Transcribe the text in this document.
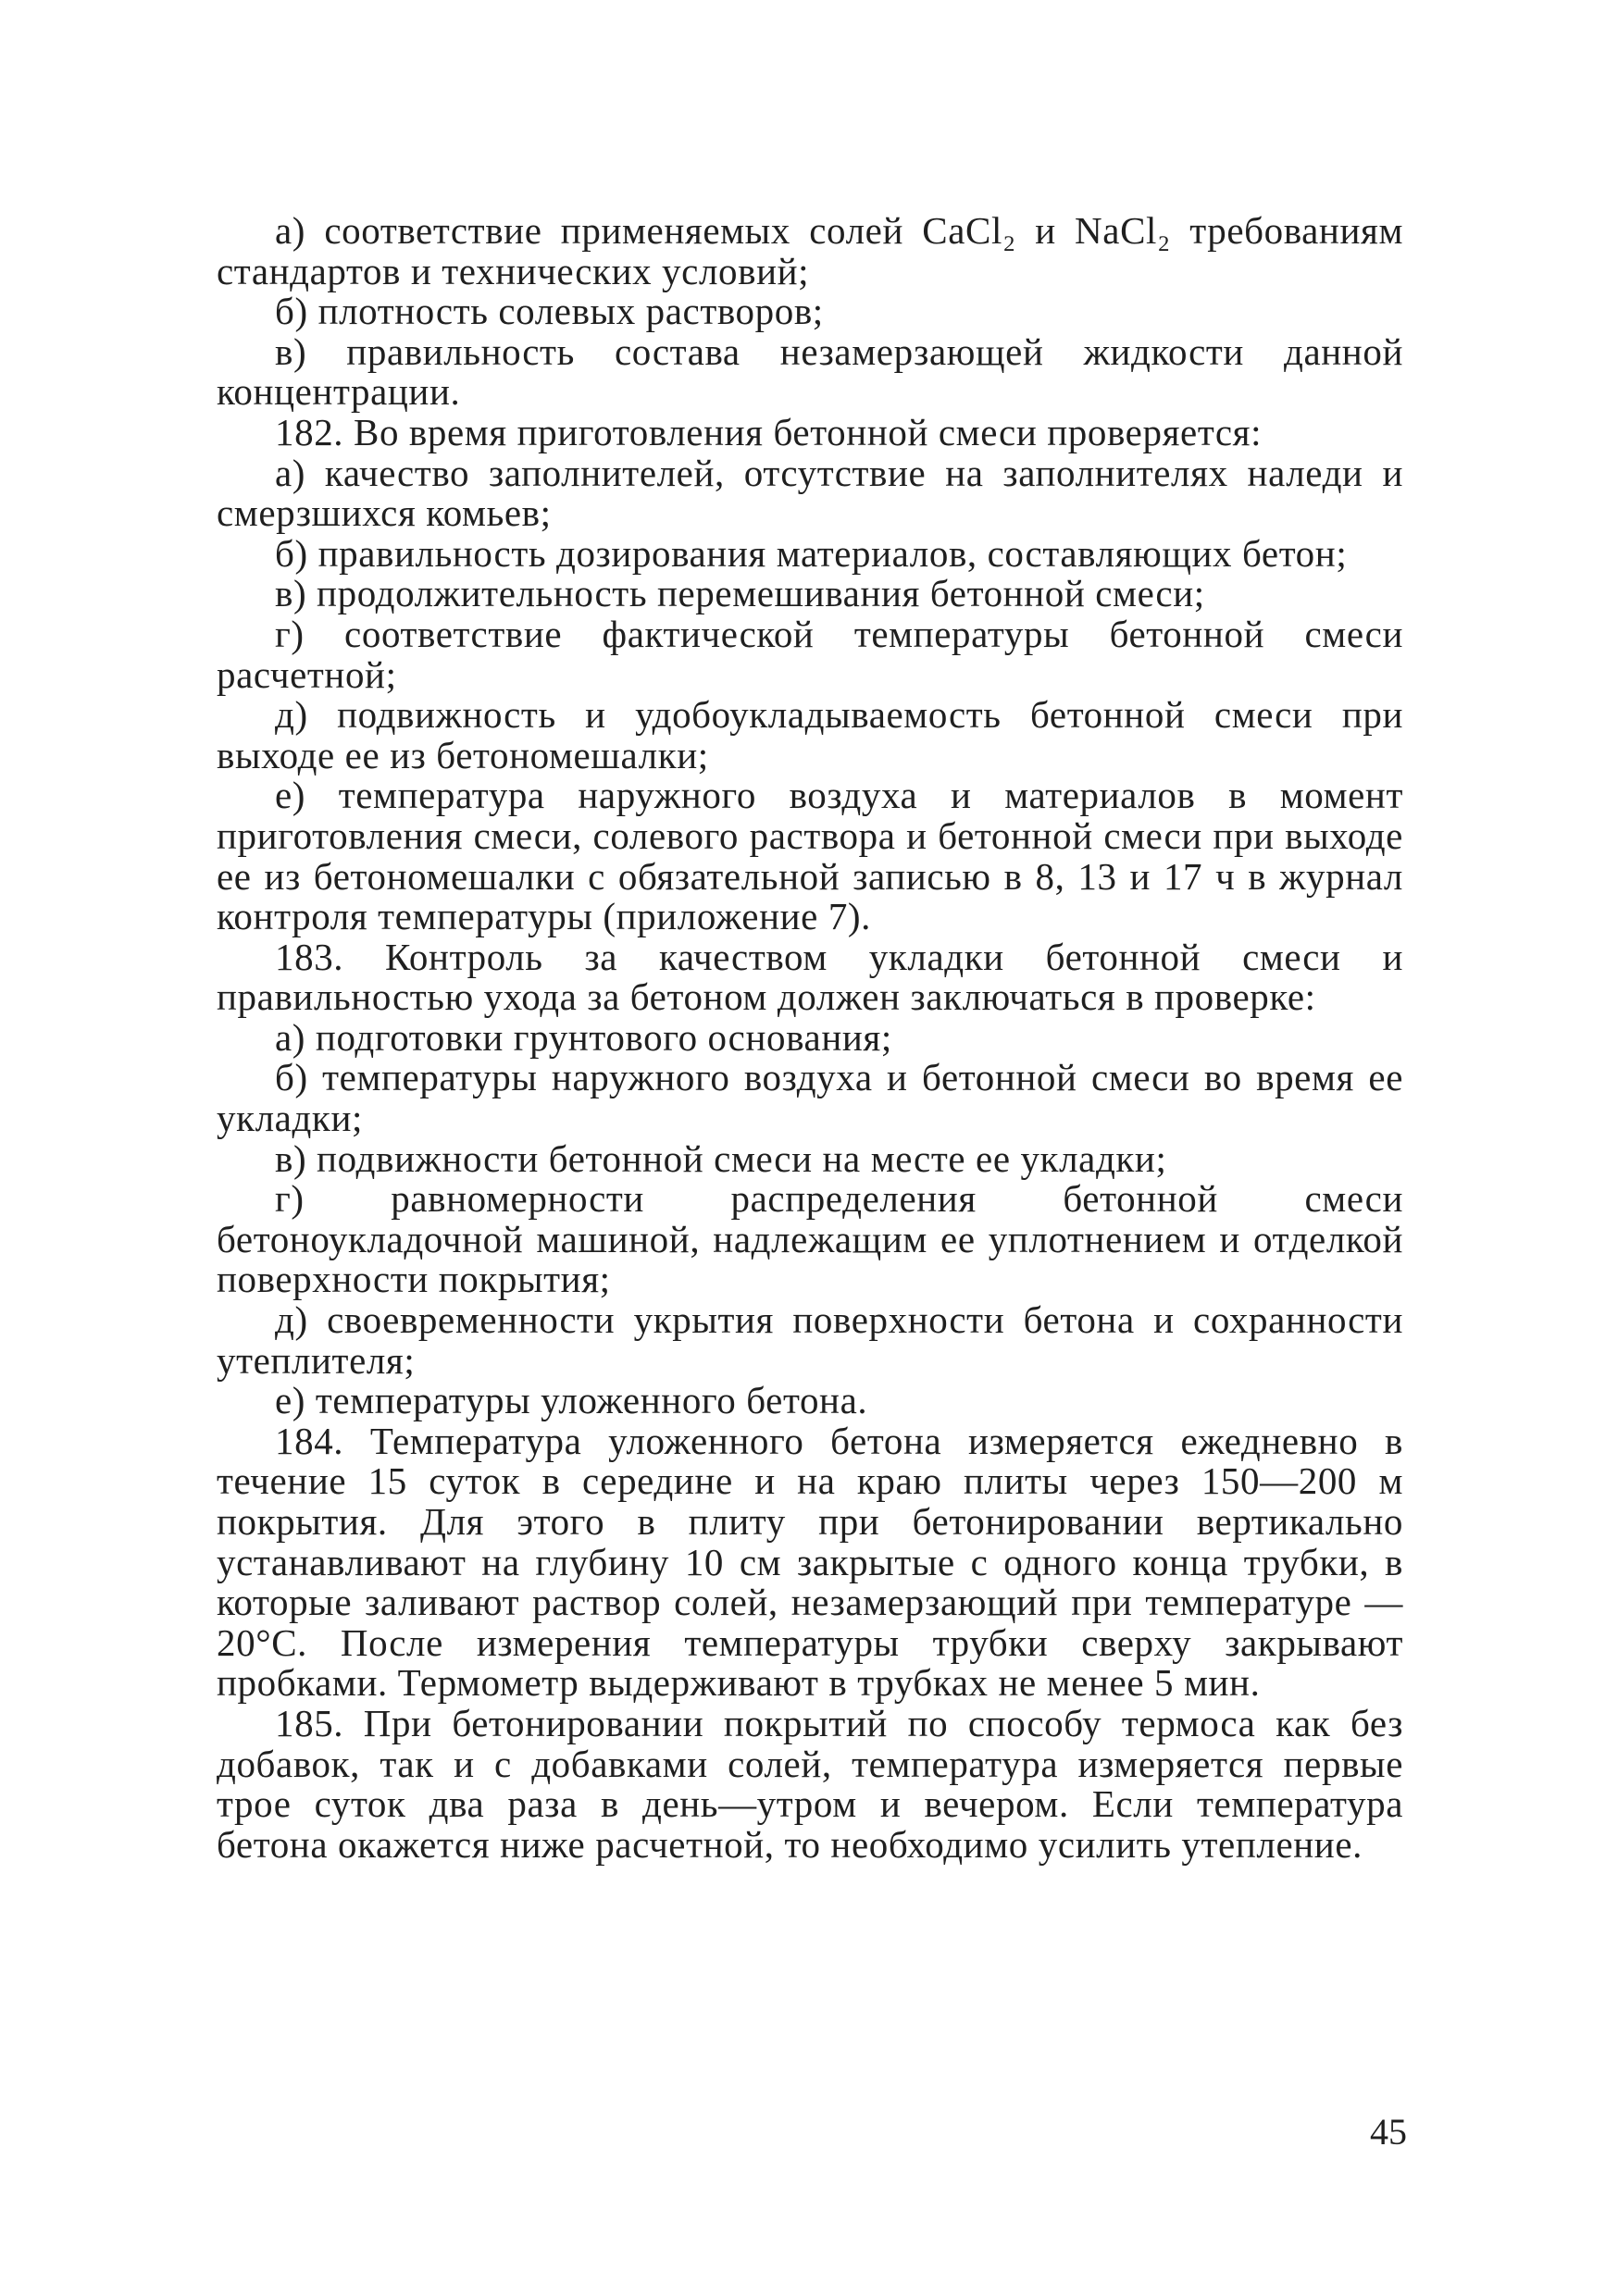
а) соответствие применяемых солей CaCl₂ и NaCl₂ требованиям стандартов и технических условий;

б) плотность солевых растворов;

в) правильность состава незамерзающей жидкости данной концентрации.

182. Во время приготовления бетонной смеси проверяется:

а) качество заполнителей, отсутствие на заполнителях наледи и смерзшихся комьев;

б) правильность дозирования материалов, составляющих бетон;

в) продолжительность перемешивания бетонной смеси;

г) соответствие фактической температуры бетонной смеси расчетной;

д) подвижность и удобоукладываемость бетонной смеси при выходе ее из бетономешалки;

е) температура наружного воздуха и материалов в момент приготовления смеси, солевого раствора и бетонной смеси при выходе ее из бетономешалки с обязательной записью в 8, 13 и 17 ч в журнал контроля температуры (приложение 7).

183. Контроль за качеством укладки бетонной смеси и правильностью ухода за бетоном должен заключаться в проверке:

а) подготовки грунтового основания;

б) температуры наружного воздуха и бетонной смеси во время ее укладки;

в) подвижности бетонной смеси на месте ее укладки;

г) равномерности распределения бетонной смеси бетоноукладочной машиной, надлежащим ее уплотнением и отделкой поверхности покрытия;

д) своевременности укрытия поверхности бетона и сохранности утеплителя;

е) температуры уложенного бетона.

184. Температура уложенного бетона измеряется ежедневно в течение 15 суток в середине и на краю плиты через 150—200 м покрытия. Для этого в плиту при бетонировании вертикально устанавливают на глубину 10 см закрытые с одного конца трубки, в которые заливают раствор солей, незамерзающий при температуре —20°С. После измерения температуры трубки сверху закрывают пробками. Термометр выдерживают в трубках не менее 5 мин.

185. При бетонировании покрытий по способу термоса как без добавок, так и с добавками солей, температура измеряется первые трое суток два раза в день—утром и вечером. Если температура бетона окажется ниже расчетной, то необходимо усилить утепление.

45
